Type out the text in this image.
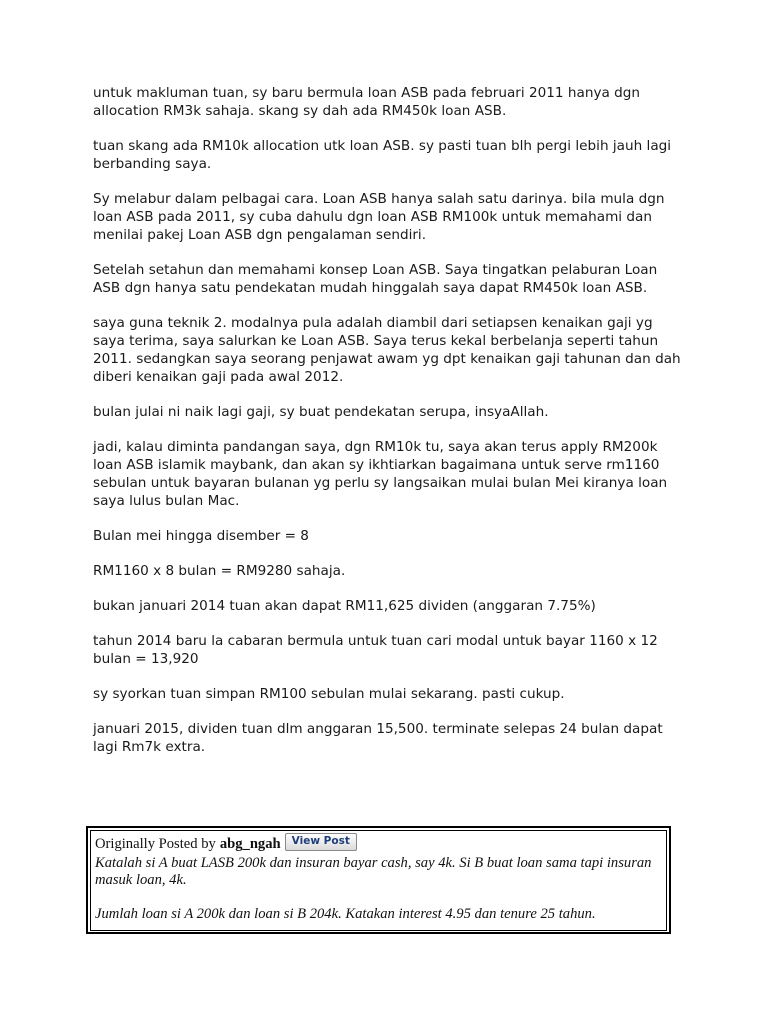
untuk makluman tuan, sy baru bermula loan ASB pada februari 2011 hanya dgn allocation RM3k sahaja. skang sy dah ada RM450k loan ASB.

tuan skang ada RM10k allocation utk loan ASB. sy pasti tuan blh pergi lebih jauh lagi berbanding saya.

Sy melabur dalam pelbagai cara. Loan ASB hanya salah satu darinya. bila mula dgn loan ASB pada 2011, sy cuba dahulu dgn loan ASB RM100k untuk memahami dan menilai pakej Loan ASB dgn pengalaman sendiri.

Setelah setahun dan memahami konsep Loan ASB. Saya tingatkan pelaburan Loan ASB dgn hanya satu pendekatan mudah hinggalah saya dapat RM450k loan ASB.

saya guna teknik 2. modalnya pula adalah diambil dari setiapsen kenaikan gaji yg saya terima, saya salurkan ke Loan ASB. Saya terus kekal berbelanja seperti tahun 2011. sedangkan saya seorang penjawat awam yg dpt kenaikan gaji tahunan dan dah diberi kenaikan gaji pada awal 2012.

bulan julai ni naik lagi gaji, sy buat pendekatan serupa, insyaAllah.

jadi, kalau diminta pandangan saya, dgn RM10k tu, saya akan terus apply RM200k loan ASB islamik maybank, dan akan sy ikhtiarkan bagaimana untuk serve rm1160 sebulan untuk bayaran bulanan yg perlu sy langsaikan mulai bulan Mei kiranya loan saya lulus bulan Mac.

Bulan mei hingga disember = 8

RM1160 x 8 bulan = RM9280 sahaja.

bukan januari 2014 tuan akan dapat RM11,625 dividen (anggaran 7.75%)

tahun 2014 baru la cabaran bermula untuk tuan cari modal untuk bayar 1160 x 12 bulan = 13,920

sy syorkan tuan simpan RM100 sebulan mulai sekarang. pasti cukup.

januari 2015, dividen tuan dlm anggaran 15,500. terminate selepas 24 bulan dapat lagi Rm7k extra.

Originally Posted by abg_ngah	View Post

Katalah si A buat LASB 200k dan insuran bayar cash, say 4k. Si B buat loan sama tapi insuran masuk loan, 4k.

Jumlah loan si A 200k dan loan si B 204k. Katakan interest 4.95 dan tenure 25 tahun.
